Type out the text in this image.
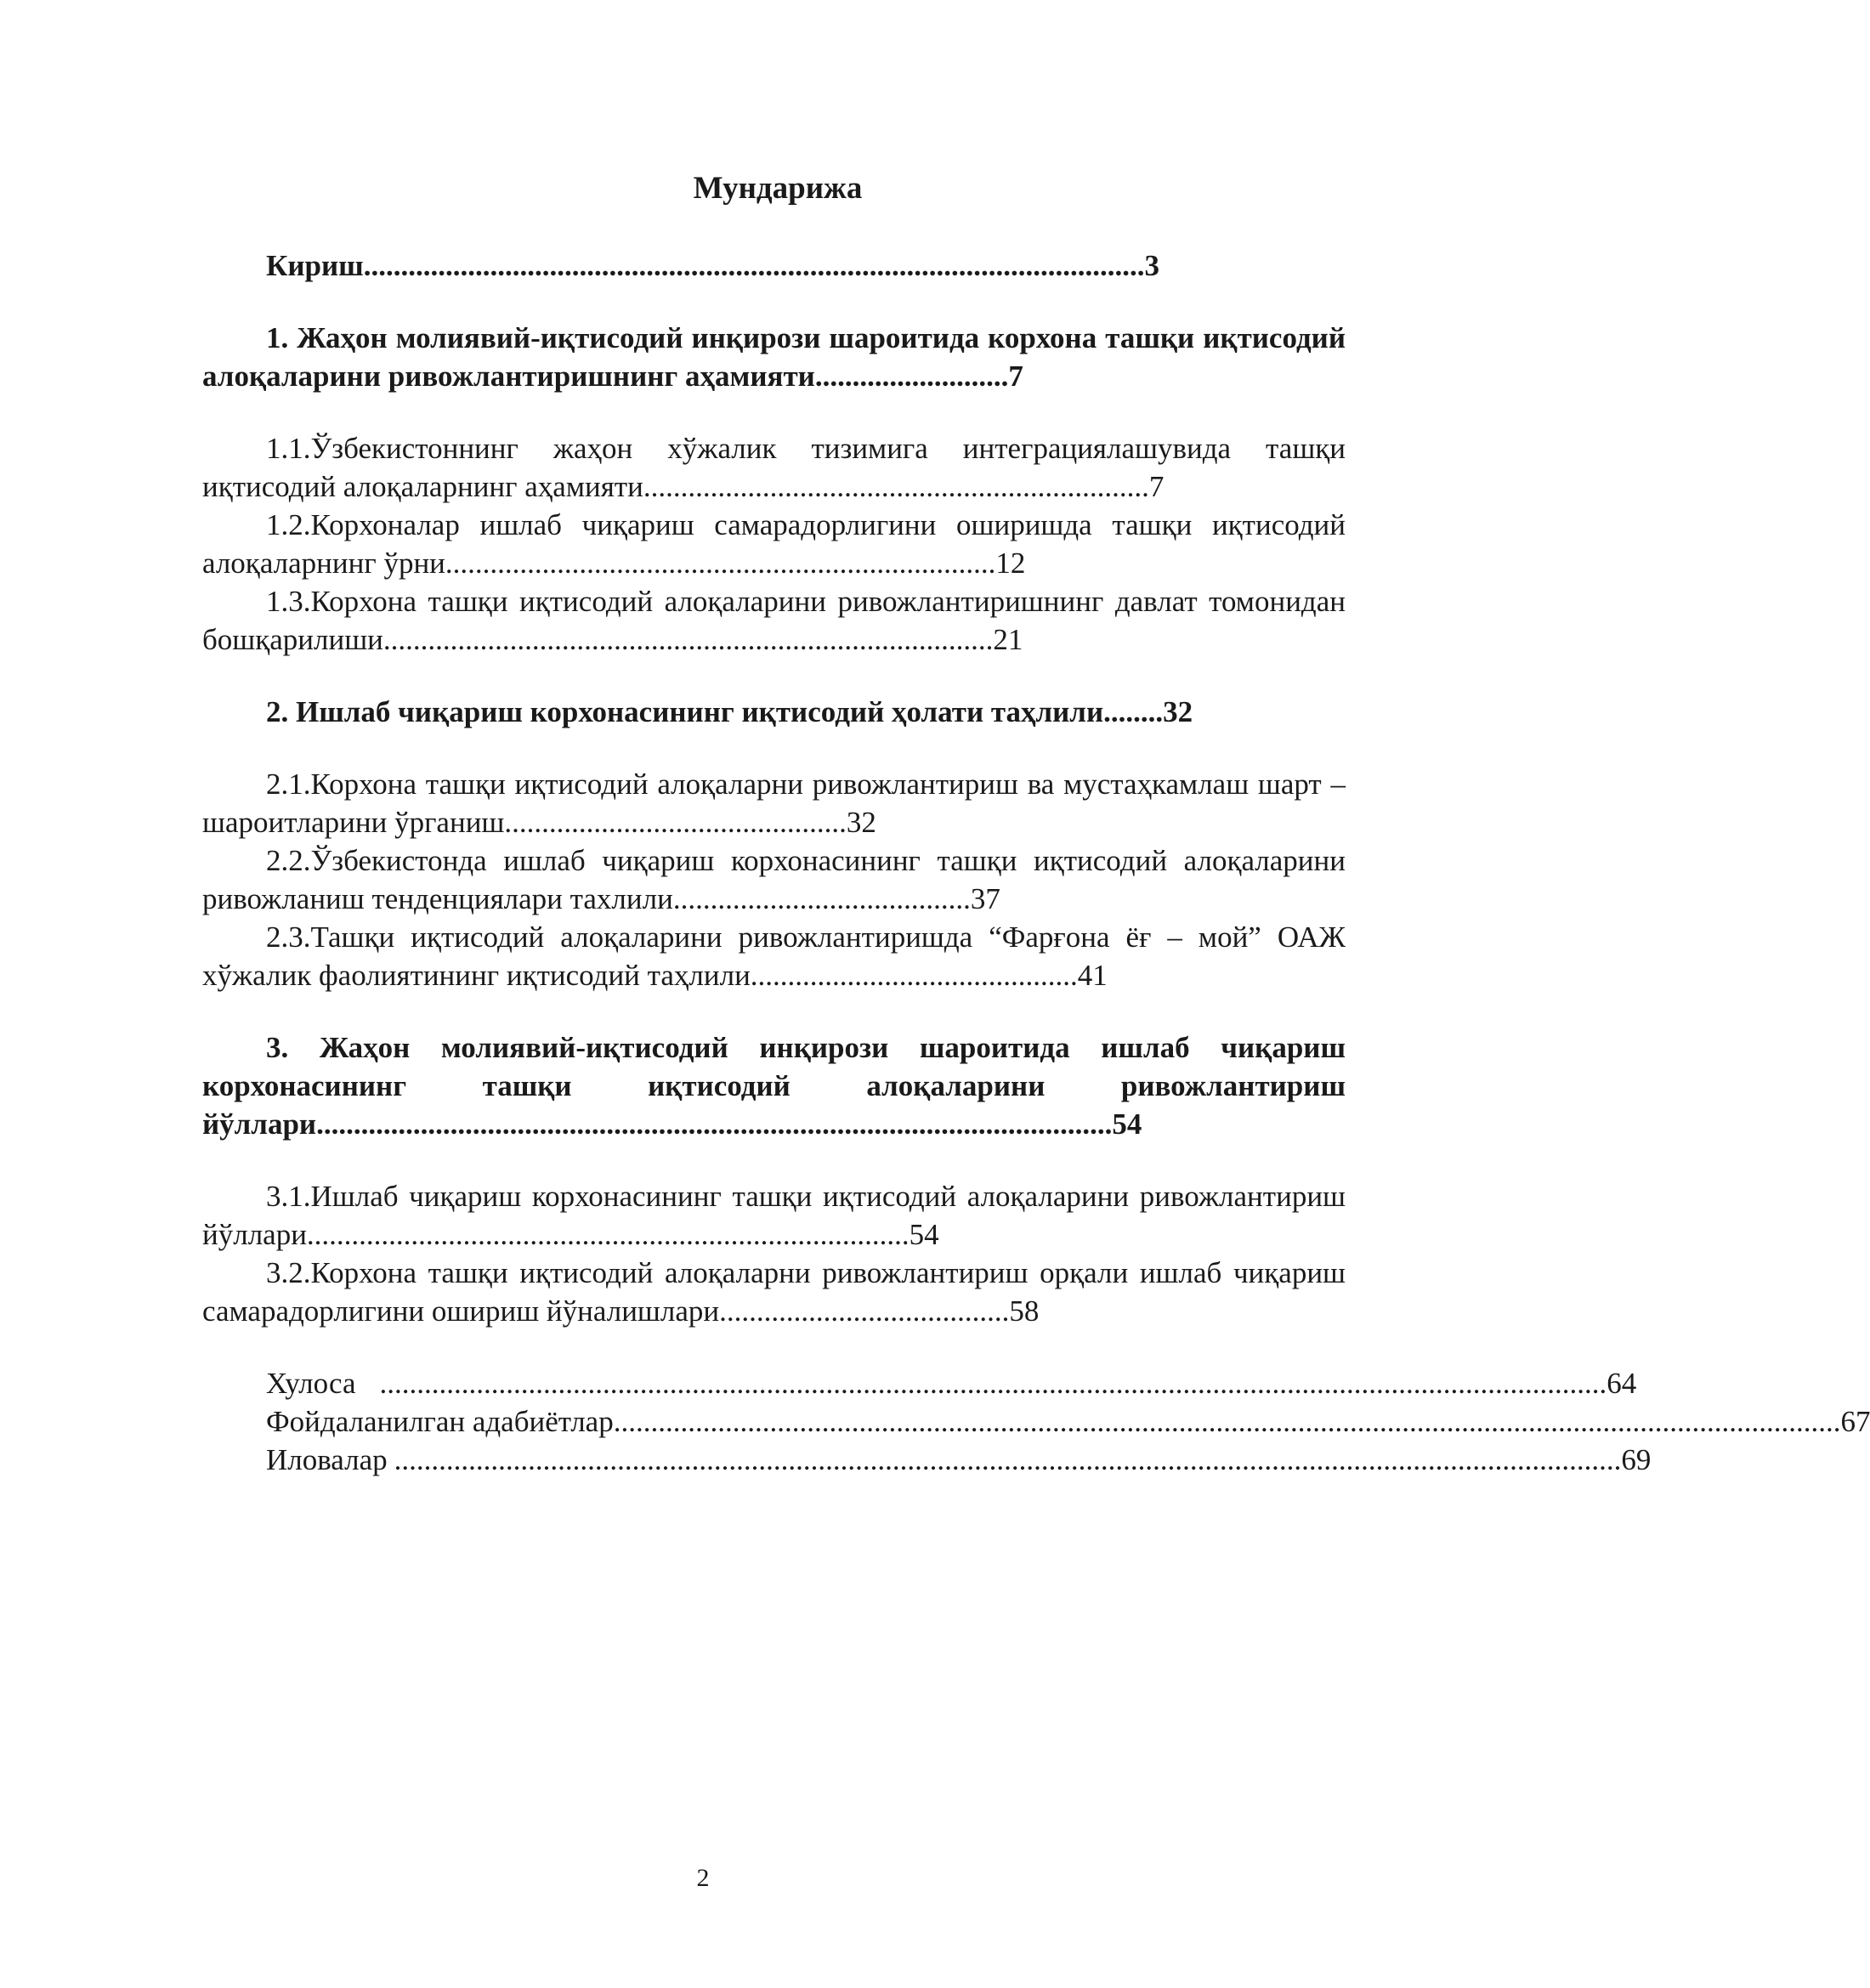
Мундарижа
Кириш.........................................................................................................3
1. Жаҳон молиявий-иқтисодий инқирози шароитида корхона ташқи иқтисодий алоқаларини ривожлантиришнинг аҳамияти..........................7
1.1.Ўзбекистоннинг жаҳон хўжалик тизимига интеграциялашувида ташқи иқтисодий алоқаларнинг аҳамияти....................................................................7
1.2.Корхоналар ишлаб чиқариш самарадорлигини оширишда ташқи иқтисодий алоқаларнинг ўрни..........................................................................12
1.3.Корхона ташқи иқтисодий алоқаларини ривожлантиришнинг давлат томонидан бошқарилиши..................................................................................21
2. Ишлаб чиқариш корхонасининг иқтисодий ҳолати таҳлили........32
2.1.Корхона ташқи иқтисодий алоқаларни ривожлантириш ва мустаҳкамлаш шарт – шароитларини ўрганиш..............................................32
2.2.Ўзбекистонда ишлаб чиқариш корхонасининг ташқи иқтисодий алоқаларини ривожланиш тенденциялари тахлили........................................37
2.3.Ташқи иқтисодий алоқаларини ривожлантиришда “Фарғона ёғ – мой” ОАЖ хўжалик фаолиятининг иқтисодий таҳлили............................................41
3. Жаҳон молиявий-иқтисодий инқирози шароитида ишлаб чиқариш корхонасининг ташқи иқтисодий алоқаларини ривожлантириш йўллари...........................................................................................................54
3.1.Ишлаб чиқариш корхонасининг ташқи иқтисодий алоқаларини ривожлантириш йўллари.................................................................................54
3.2.Корхона ташқи иқтисодий алоқаларни ривожлантириш орқали ишлаб чиқариш самарадорлигини ошириш йўналишлари.......................................58
Хулоса ..................................................................................................................................................................... 64
Фойдаланилган адабиётлар ..................................................................................................................................................................... 67
Иловалар ..................................................................................................................................................................... 69
2
